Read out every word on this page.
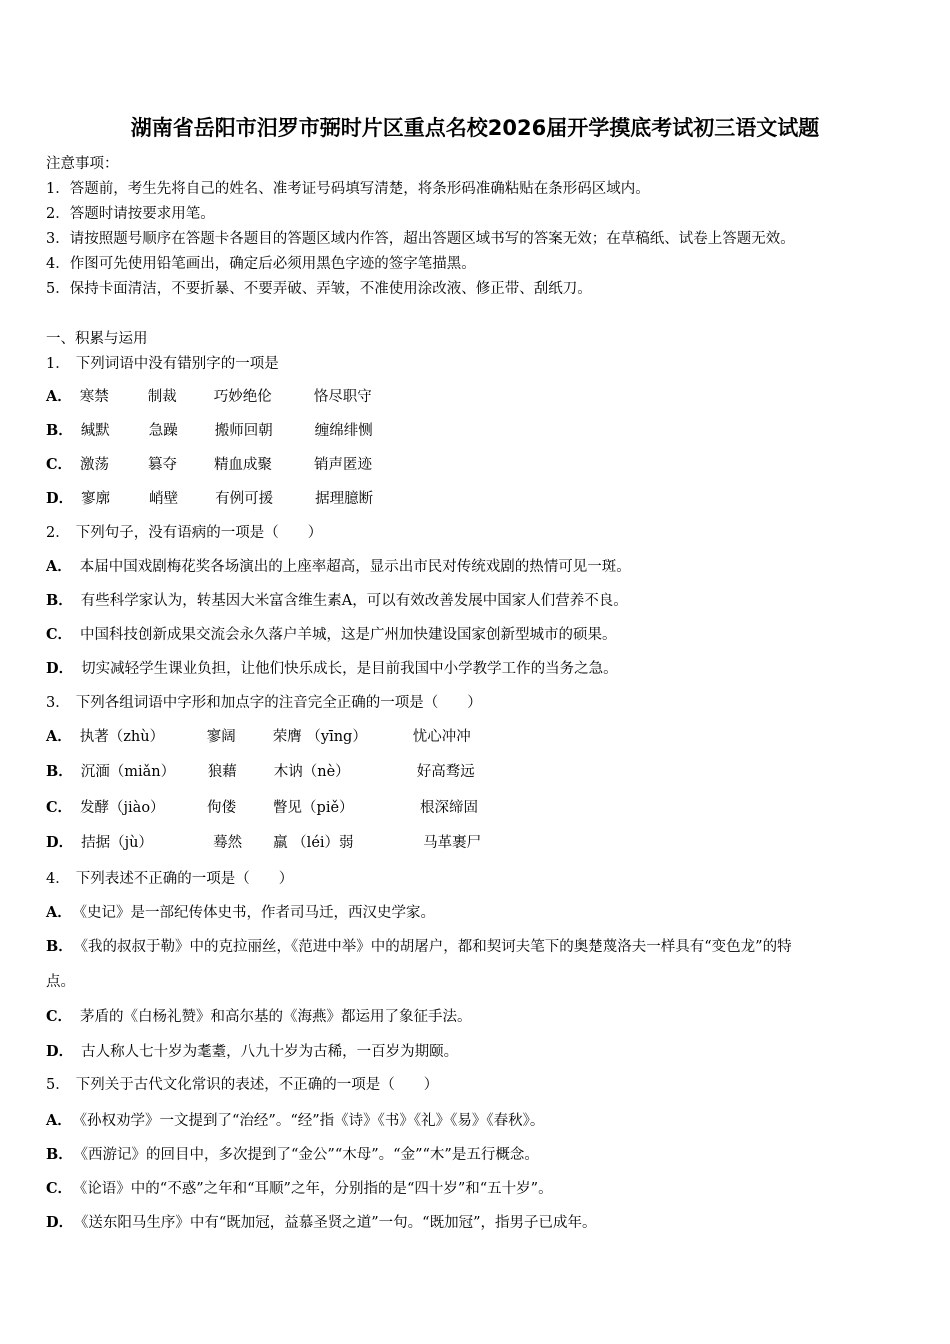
湖南省岳阳市汨罗市弼时片区重点名校2026届开学摸底考试初三语文试题
注意事项：
1．答题前，考生先将自己的姓名、准考证号码填写清楚，将条形码准确粘贴在条形码区域内。
2．答题时请按要求用笔。
3．请按照题号顺序在答题卡各题目的答题区域内作答，超出答题区域书写的答案无效；在草稿纸、试卷上答题无效。
4．作图可先使用铅笔画出，确定后必须用黑色字迹的签字笔描黑。
5．保持卡面清洁，不要折暴、不要弄破、弄皱，不准使用涂改液、修正带、刮纸刀。
一、积累与运用
1． 下列词语中没有错别字的一项是
A． 寒禁	制裁	巧妙绝伦	恪尽职守
B． 缄默	急躁	搬师回朝	缠绵绯恻
C． 激荡	篡夺	精血成聚	销声匿迹
D． 寥廓	峭壁	有例可援	据理臆断
2． 下列句子，没有语病的一项是（　　）
A． 本届中国戏剧梅花奖各场演出的上座率超高，显示出市民对传统戏剧的热情可见一斑。
B． 有些科学家认为，转基因大米富含维生素A，可以有效改善发展中国家人们营养不良。
C． 中国科技创新成果交流会永久落户羊城，这是广州加快建设国家创新型城市的硕果。
D． 切实减轻学生课业负担，让他们快乐成长，是目前我国中小学教学工作的当务之急。
3． 下列各组词语中字形和加点字的注音完全正确的一项是（　　）
A． 执著（zhù）	寥阔	荣膺 （yīng）	忧心冲冲
B． 沉湎（miǎn） 狼藉	木讷（nè）	好高骛远
C． 发酵（jiào）	佝偻	瞥见（piě）	根深缔固
D． 拮据（jù）	蓦然 羸 （léi）弱	马革裹尸
4． 下列表述不正确的一项是（　　）
A． 《史记》是一部纪传体史书，作者司马迁，西汉史学家。
B． 《我的叔叔于勒》中的克拉丽丝，《范进中举》中的胡屠户，都和契诃夫笔下的奥楚蔑洛夫一样具有“变色龙”的特
点。
C． 茅盾的《白杨礼赞》和高尔基的《海燕》都运用了象征手法。
D． 古人称人七十岁为耄耋，八九十岁为古稀，一百岁为期颐。
5． 下列关于古代文化常识的表述，不正确的一项是（　　）
A． 《孙权劝学》一文提到了“治经”。“经”指《诗》《书》《礼》《易》《春秋》。
B． 《西游记》的回目中，多次提到了“金公”“木母”。“金”“木”是五行概念。
C． 《论语》中的“不惑”之年和“耳顺”之年，分别指的是“四十岁”和“五十岁”。
D． 《送东阳马生序》中有“既加冠，益慕圣贤之道”一句。“既加冠”，指男子已成年。
